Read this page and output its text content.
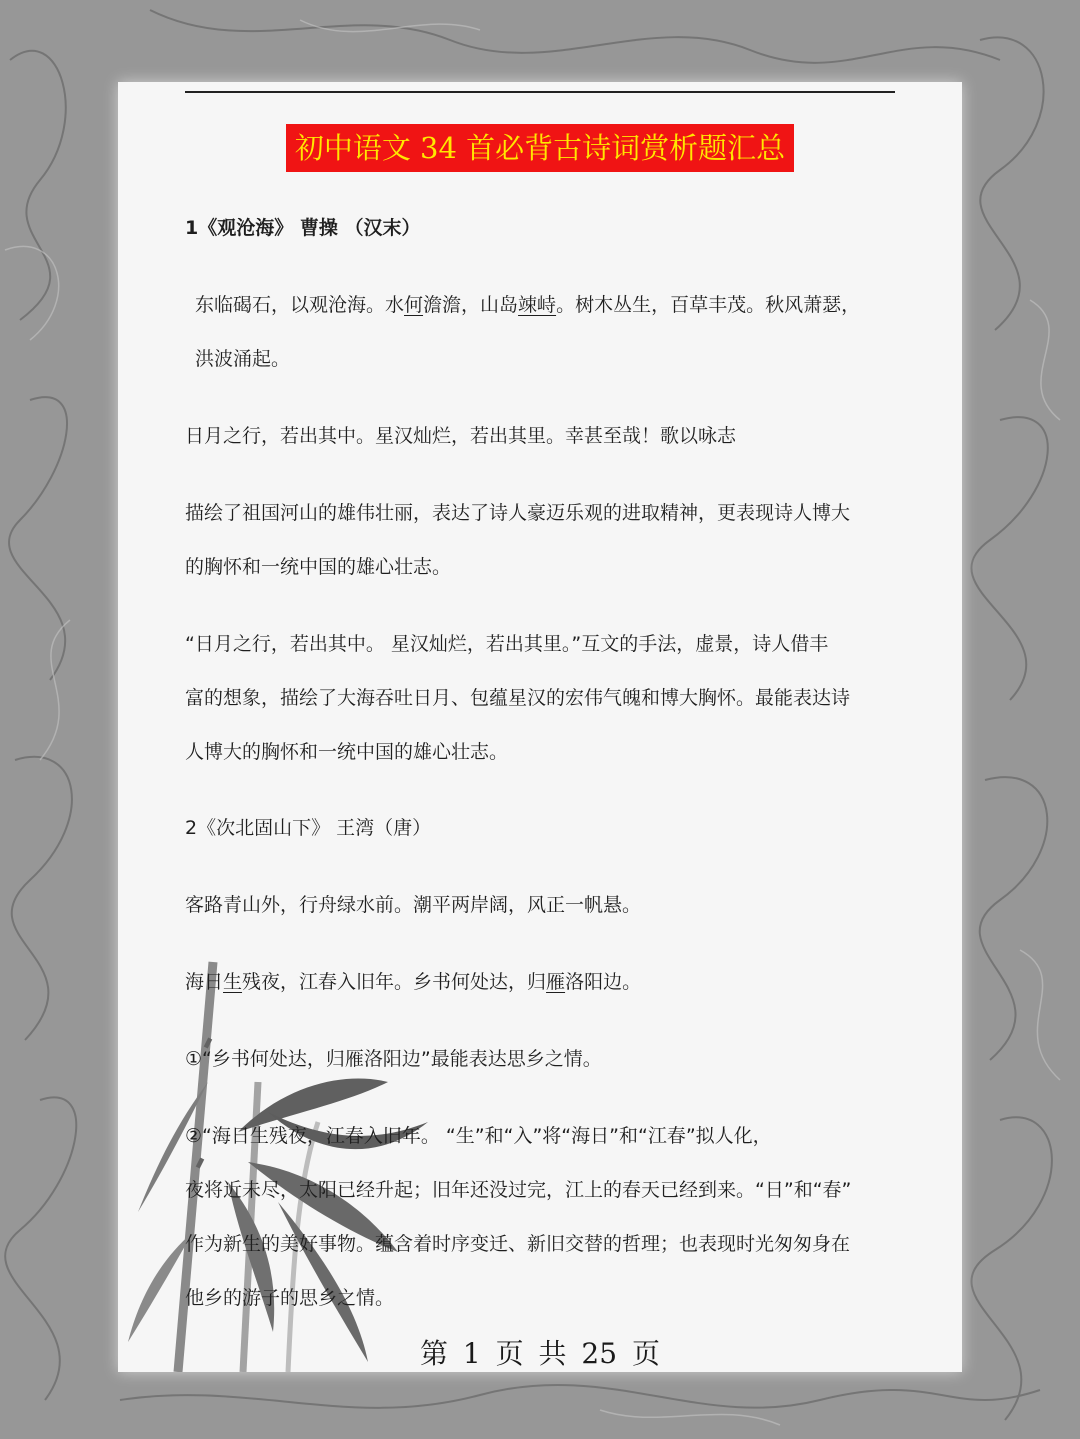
初中语文 34 首必背古诗词赏析题汇总
1《观沧海》 曹操 （汉末）
东临碣石，以观沧海。水何澹澹，山岛竦峙。树木丛生，百草丰茂。秋风萧瑟，
洪波涌起。
日月之行，若出其中。星汉灿烂，若出其里。幸甚至哉！歌以咏志
描绘了祖国河山的雄伟壮丽，表达了诗人豪迈乐观的进取精神，更表现诗人博大
的胸怀和一统中国的雄心壮志。
“日月之行，若出其中。 星汉灿烂，若出其里。”互文的手法，虚景，诗人借丰
富的想象，描绘了大海吞吐日月、包蕴星汉的宏伟气魄和博大胸怀。最能表达诗
人博大的胸怀和一统中国的雄心壮志。
2《次北固山下》 王湾（唐）
客路青山外，行舟绿水前。潮平两岸阔，风正一帆悬。
海日生残夜，江春入旧年。乡书何处达，归雁洛阳边。
①“乡书何处达，归雁洛阳边”最能表达思乡之情。
②“海日生残夜，江春入旧年。 “生”和“入”将“海日”和“江春”拟人化，
夜将近未尽，太阳已经升起；旧年还没过完，江上的春天已经到来。“日”和“春”
作为新生的美好事物。蕴含着时序变迁、新旧交替的哲理；也表现时光匆匆身在
他乡的游子的思乡之情。
第 1 页 共 25 页
